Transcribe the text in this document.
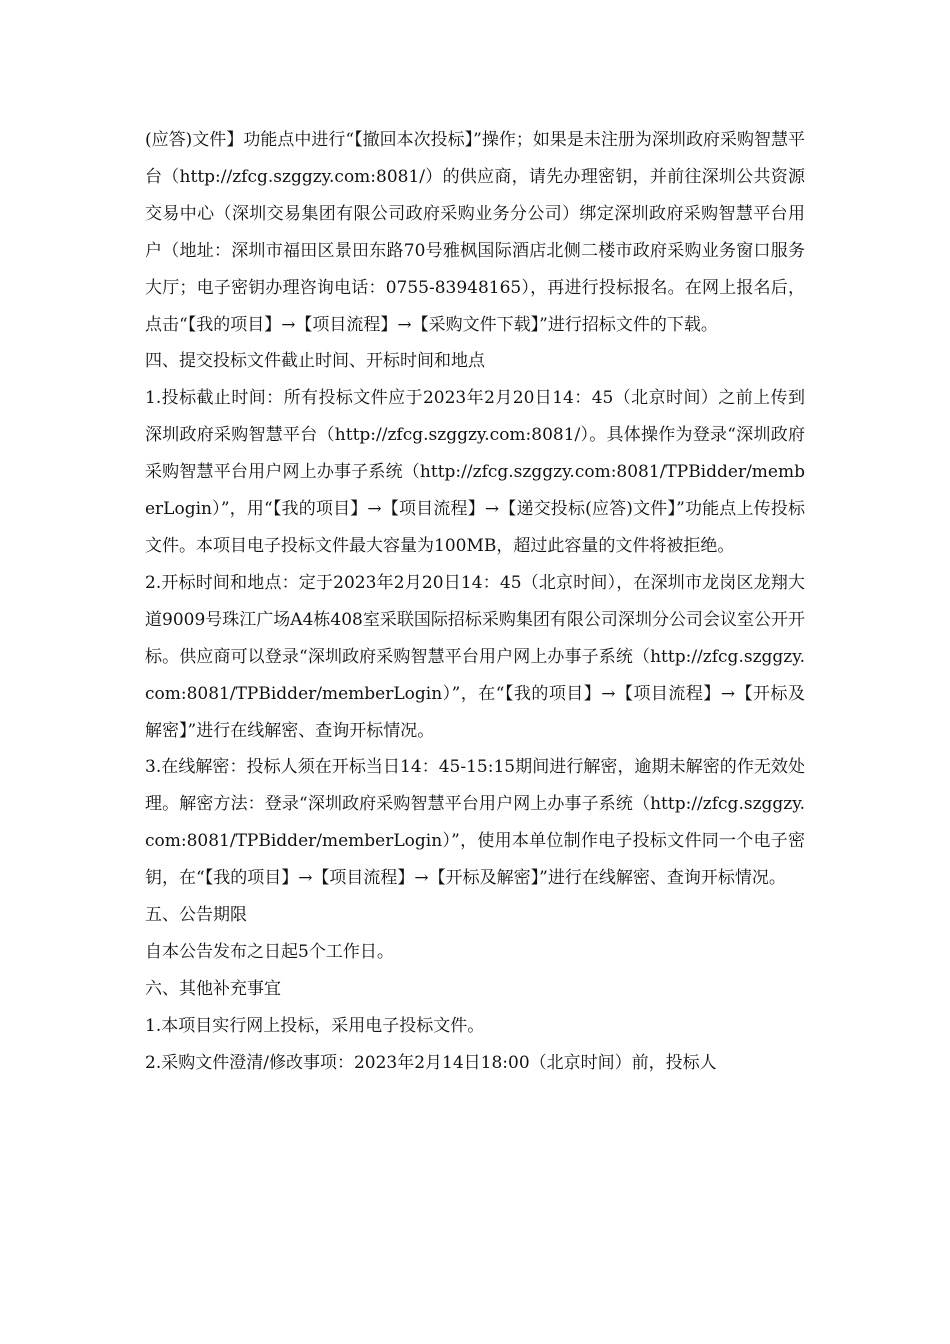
(应答)文件】功能点中进行“【撤回本次投标】”操作；如果是未注册为深圳政府采购智慧平台（http://zfcg.szggzy.com:8081/）的供应商，请先办理密钥，并前往深圳公共资源交易中心（深圳交易集团有限公司政府采购业务分公司）绑定深圳政府采购智慧平台用户（地址：深圳市福田区景田东路70号雅枫国际酒店北侧二楼市政府采购业务窗口服务大厅；电子密钥办理咨询电话：0755-83948165），再进行投标报名。在网上报名后，点击“【我的项目】→【项目流程】→【采购文件下载】”进行招标文件的下载。

四、提交投标文件截止时间、开标时间和地点

1.投标截止时间：所有投标文件应于2023年2月20日14：45（北京时间）之前上传到深圳政府采购智慧平台（http://zfcg.szggzy.com:8081/）。具体操作为登录“深圳政府采购智慧平台用户网上办事子系统（http://zfcg.szggzy.com:8081/TPBidder/memberLogin）”，用“【我的项目】→【项目流程】→【递交投标(应答)文件】”功能点上传投标文件。本项目电子投标文件最大容量为100MB，超过此容量的文件将被拒绝。

2.开标时间和地点：定于2023年2月20日14：45（北京时间），在深圳市龙岗区龙翔大道9009号珠江广场A4栋408室采联国际招标采购集团有限公司深圳分公司会议室公开开标。供应商可以登录“深圳政府采购智慧平台用户网上办事子系统（http://zfcg.szggzy.com:8081/TPBidder/memberLogin）”，在“【我的项目】→【项目流程】→【开标及解密】”进行在线解密、查询开标情况。

3.在线解密：投标人须在开标当日14：45-15:15期间进行解密，逾期未解密的作无效处理。解密方法：登录“深圳政府采购智慧平台用户网上办事子系统（http://zfcg.szggzy.com:8081/TPBidder/memberLogin）”，使用本单位制作电子投标文件同一个电子密钥，在“【我的项目】→【项目流程】→【开标及解密】”进行在线解密、查询开标情况。

五、公告期限

自本公告发布之日起5个工作日。

六、其他补充事宜

1.本项目实行网上投标，采用电子投标文件。

2.采购文件澄清/修改事项：2023年2月14日18:00（北京时间）前，投标人
